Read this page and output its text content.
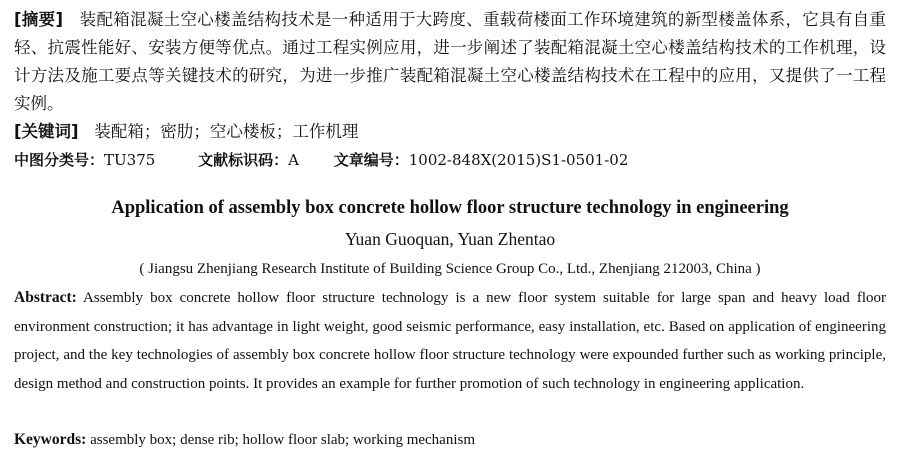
[摘要] 装配箱混凝土空心楼盖结构技术是一种适用于大跨度、重载荷楼面工作环境建筑的新型楼盖体系，它具有自重轻、抗震性能好、安装方便等优点。通过工程实例应用，进一步阐述了装配箱混凝土空心楼盖结构技术的工作机理，设计方法及施工要点等关键技术的研究，为进一步推广装配箱混凝土空心楼盖结构技术在工程中的应用，又提供了一工程实例。
[关键词] 装配箱；密肋；空心楼板；工作机理
中图分类号：TU375	文献标识码：A 文章编号：1002-848X(2015)S1-0501-02
Application of assembly box concrete hollow floor structure technology in engineering
Yuan Guoquan, Yuan Zhentao
( Jiangsu Zhenjiang Research Institute of Building Science Group Co., Ltd., Zhenjiang 212003, China )
Abstract: Assembly box concrete hollow floor structure technology is a new floor system suitable for large span and heavy load floor environment construction; it has advantage in light weight, good seismic performance, easy installation, etc. Based on application of engineering project, and the key technologies of assembly box concrete hollow floor structure technology were expounded further such as working principle, design method and construction points. It provides an example for further promotion of such technology in engineering application.
Keywords: assembly box; dense rib; hollow floor slab; working mechanism
